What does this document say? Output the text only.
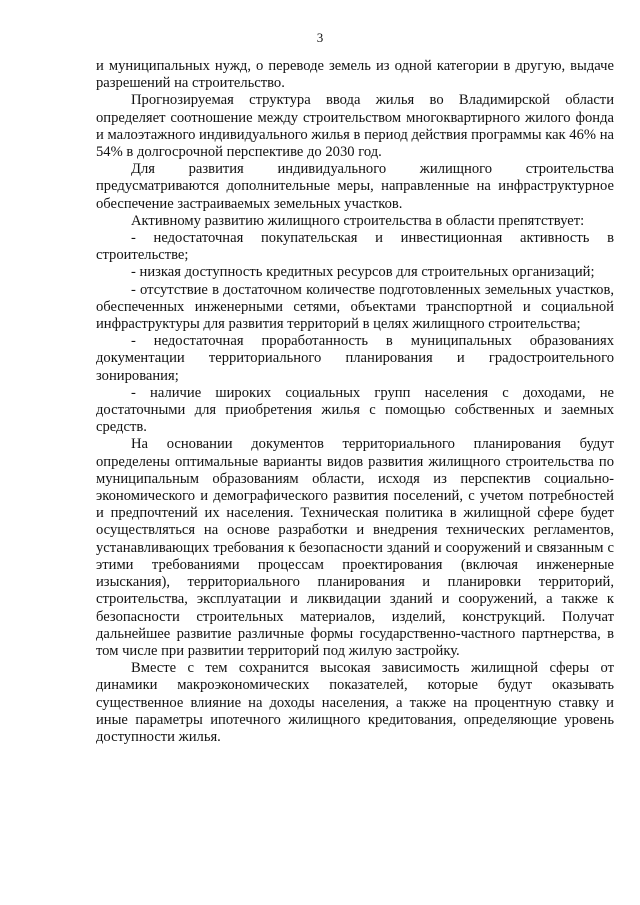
3

и муниципальных нужд, о переводе земель из одной категории в другую, выдаче разрешений на строительство.

Прогнозируемая структура ввода жилья во Владимирской области определяет соотношение между строительством многоквартирного жилого фонда и малоэтажного индивидуального жилья в период действия программы как 46% на 54% в долгосрочной перспективе до 2030 год.

Для развития индивидуального жилищного строительства предусматриваются дополнительные меры, направленные на инфраструктурное обеспечение застраиваемых земельных участков.

Активному развитию жилищного строительства в области препятствует:

- недостаточная покупательская и инвестиционная активность в строительстве;

- низкая доступность кредитных ресурсов для строительных организаций;

- отсутствие в достаточном количестве подготовленных земельных участков, обеспеченных инженерными сетями, объектами транспортной и социальной инфраструктуры для развития территорий в целях жилищного строительства;

- недостаточная проработанность в муниципальных образованиях документации территориального планирования и градостроительного зонирования;

- наличие широких социальных групп населения с доходами, не достаточными для приобретения жилья с помощью собственных и заемных средств.

На основании документов территориального планирования будут определены оптимальные варианты видов развития жилищного строительства по муниципальным образованиям области, исходя из перспектив социально-экономического и демографического развития поселений, с учетом потребностей и предпочтений их населения. Техническая политика в жилищной сфере будет осуществляться на основе разработки и внедрения технических регламентов, устанавливающих требования к безопасности зданий и сооружений и связанным с этими требованиями процессам проектирования (включая инженерные изыскания), территориального планирования и планировки территорий, строительства, эксплуатации и ликвидации зданий и сооружений, а также к безопасности строительных материалов, изделий, конструкций. Получат дальнейшее развитие различные формы государственно-частного партнерства, в том числе при развитии территорий под жилую застройку.

Вместе с тем сохранится высокая зависимость жилищной сферы от динамики макроэкономических показателей, которые будут оказывать существенное влияние на доходы населения, а также на процентную ставку и иные параметры ипотечного жилищного кредитования, определяющие уровень доступности жилья.
